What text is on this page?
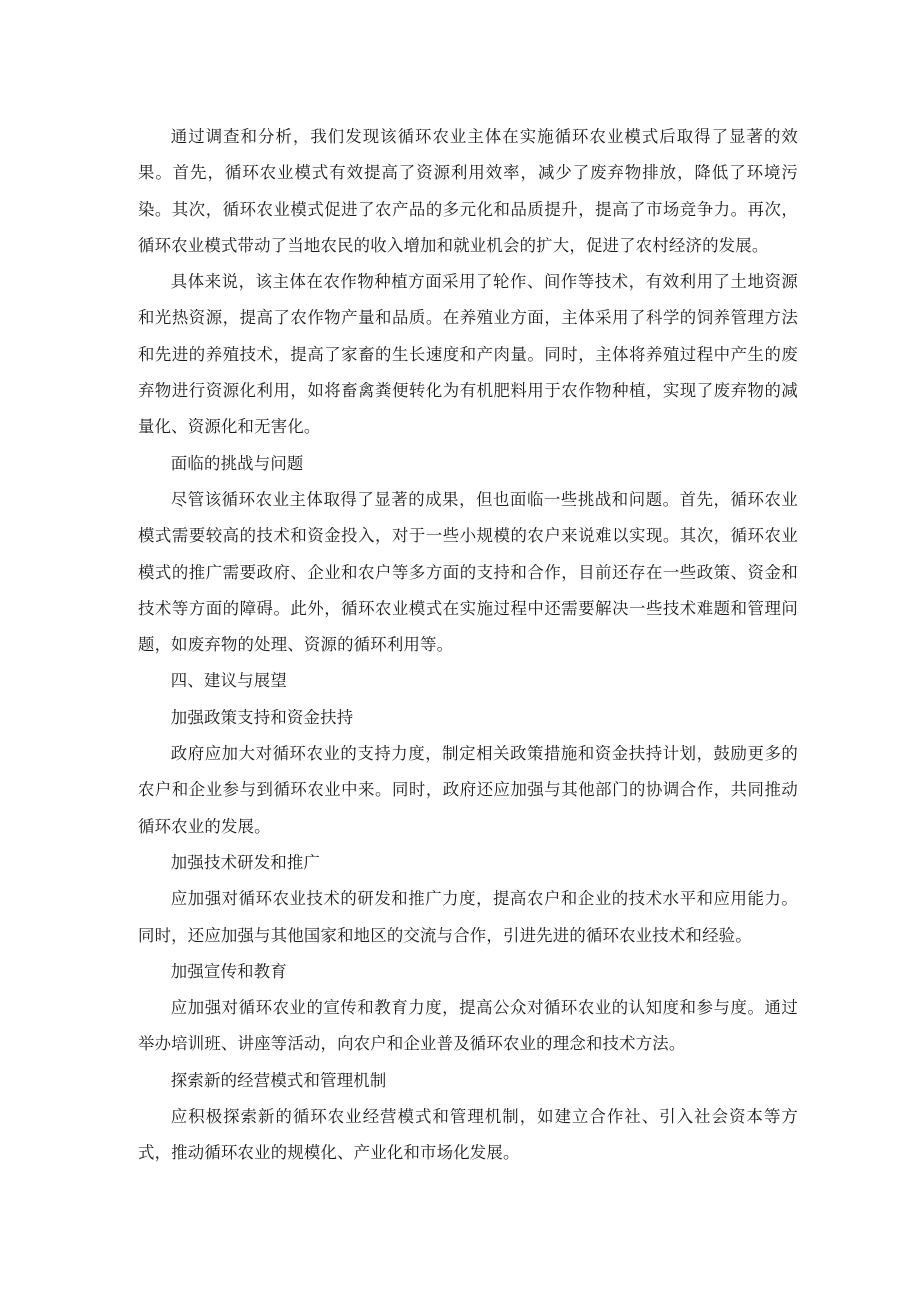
通过调查和分析，我们发现该循环农业主体在实施循环农业模式后取得了显著的效果。首先，循环农业模式有效提高了资源利用效率，减少了废弃物排放，降低了环境污染。其次，循环农业模式促进了农产品的多元化和品质提升，提高了市场竞争力。再次，循环农业模式带动了当地农民的收入增加和就业机会的扩大，促进了农村经济的发展。

具体来说，该主体在农作物种植方面采用了轮作、间作等技术，有效利用了土地资源和光热资源，提高了农作物产量和品质。在养殖业方面，主体采用了科学的饲养管理方法和先进的养殖技术，提高了家畜的生长速度和产肉量。同时，主体将养殖过程中产生的废弃物进行资源化利用，如将畜禽粪便转化为有机肥料用于农作物种植，实现了废弃物的减量化、资源化和无害化。

面临的挑战与问题

尽管该循环农业主体取得了显著的成果，但也面临一些挑战和问题。首先，循环农业模式需要较高的技术和资金投入，对于一些小规模的农户来说难以实现。其次，循环农业模式的推广需要政府、企业和农户等多方面的支持和合作，目前还存在一些政策、资金和技术等方面的障碍。此外，循环农业模式在实施过程中还需要解决一些技术难题和管理问题，如废弃物的处理、资源的循环利用等。

四、建议与展望

加强政策支持和资金扶持

政府应加大对循环农业的支持力度，制定相关政策措施和资金扶持计划，鼓励更多的农户和企业参与到循环农业中来。同时，政府还应加强与其他部门的协调合作，共同推动循环农业的发展。

加强技术研发和推广

应加强对循环农业技术的研发和推广力度，提高农户和企业的技术水平和应用能力。同时，还应加强与其他国家和地区的交流与合作，引进先进的循环农业技术和经验。

加强宣传和教育

应加强对循环农业的宣传和教育力度，提高公众对循环农业的认知度和参与度。通过举办培训班、讲座等活动，向农户和企业普及循环农业的理念和技术方法。

探索新的经营模式和管理机制

应积极探索新的循环农业经营模式和管理机制，如建立合作社、引入社会资本等方式，推动循环农业的规模化、产业化和市场化发展。
